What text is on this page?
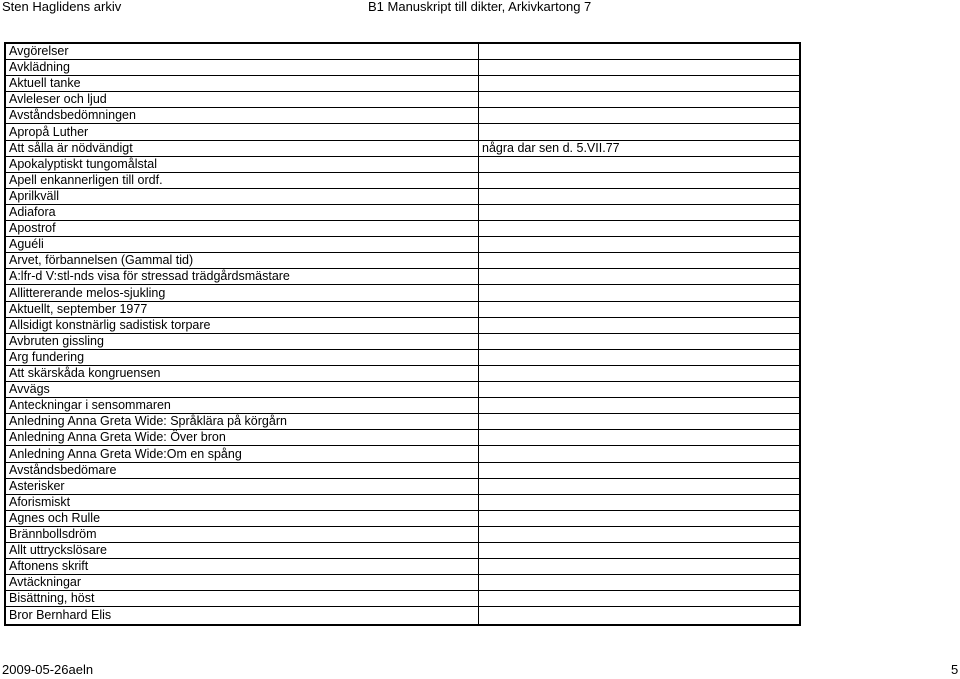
Sten Haglidens arkiv	B1 Manuskript till dikter, Arkivkartong 7
Avgörelser
Avklädning
Aktuell tanke
Avleleser och ljud
Avståndsbedömningen
Apropå Luther
Att sålla är nödvändigt	några dar sen d. 5.VII.77
Apokalyptiskt tungomålstal
Apell enkannerligen till ordf.
Aprilkväll
Adiafora
Apostrof
Aguéli
Arvet, förbannelsen (Gammal tid)
A:lfr-d V:stl-nds visa för stressad trädgårdsmästare
Allittererande melos-sjukling
Aktuellt, september 1977
Allsidigt konstnärlig sadistisk torpare
Avbruten gissling
Arg fundering
Att skärskåda kongruensen
Avvägs
Anteckningar i sensommaren
Anledning Anna Greta Wide: Språklära på körgårn
Anledning Anna Greta Wide: Över bron
Anledning Anna Greta Wide:Om en spång
Avståndsbedömare
Asterisker
Aforismiskt
Agnes och Rulle
Brännbollsdröm
Allt uttryckslösare
Aftonens skrift
Avtäckningar
Bisättning, höst
Bror Bernhard Elis
2009-05-26aeln	5
